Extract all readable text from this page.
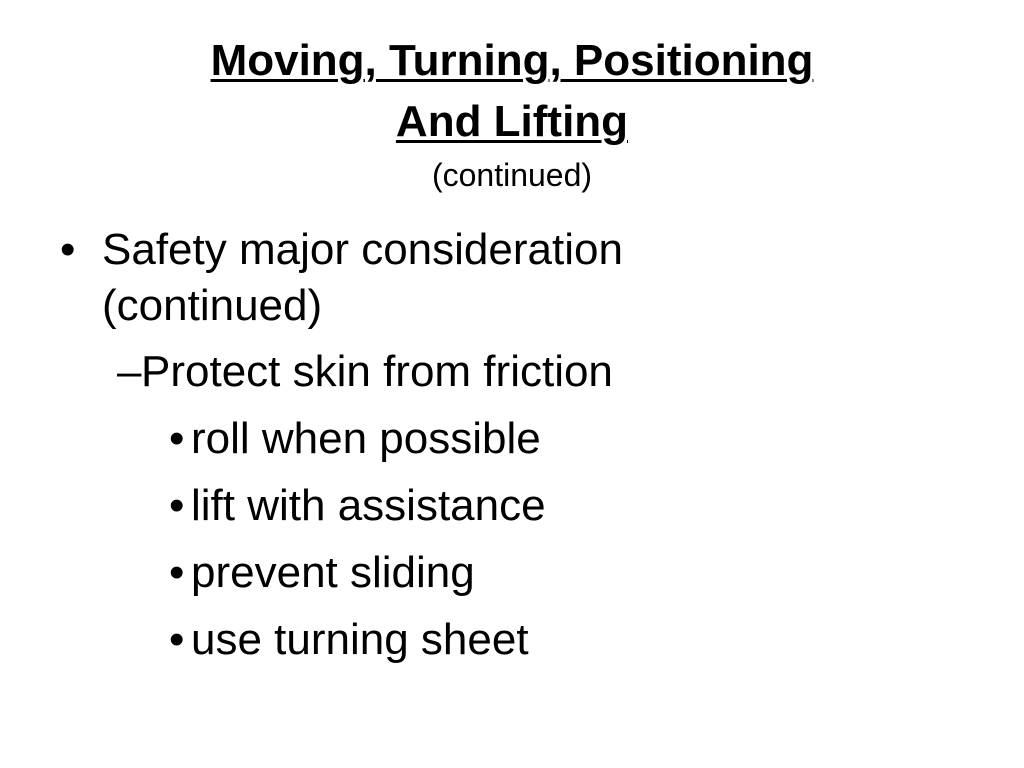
Moving, Turning, Positioning
And Lifting
(continued)
• Safety major consideration
(continued)
– Protect skin from friction
• roll when possible
• lift with assistance
• prevent sliding
• use turning sheet
